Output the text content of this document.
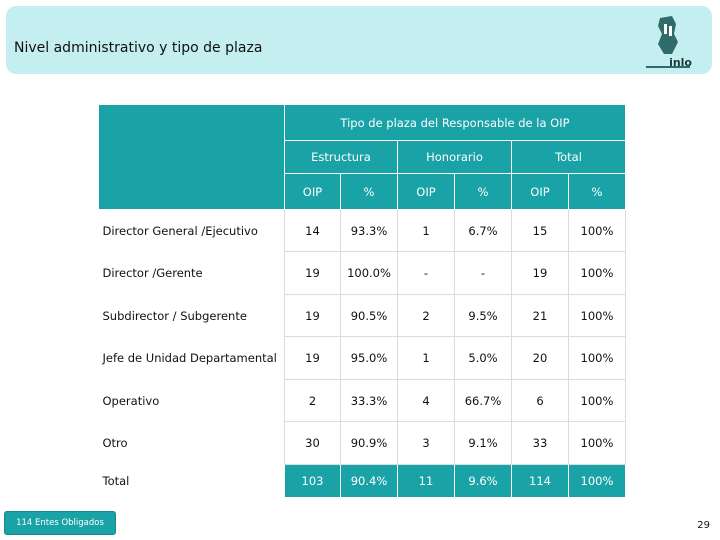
Nivel administrativo y tipo de plaza
inlo
	Tipo de plaza del Responsable de la OIP					
	Estructura		Honorario		Total	
	OIP	%	OIP	%	OIP	%
Director General /Ejecutivo	14	93.3%	1	6.7%	15	100%
Director /Gerente	19	100.0%	-	-	19	100%
Subdirector / Subgerente	19	90.5%	2	9.5%	21	100%
Jefe de Unidad Departamental	19	95.0%	1	5.0%	20	100%
Operativo	2	33.3%	4	66.7%	6	100%
Otro	30	90.9%	3	9.1%	33	100%
Total	103	90.4%	11	9.6%	114	100%
114 Entes Obligados	29
